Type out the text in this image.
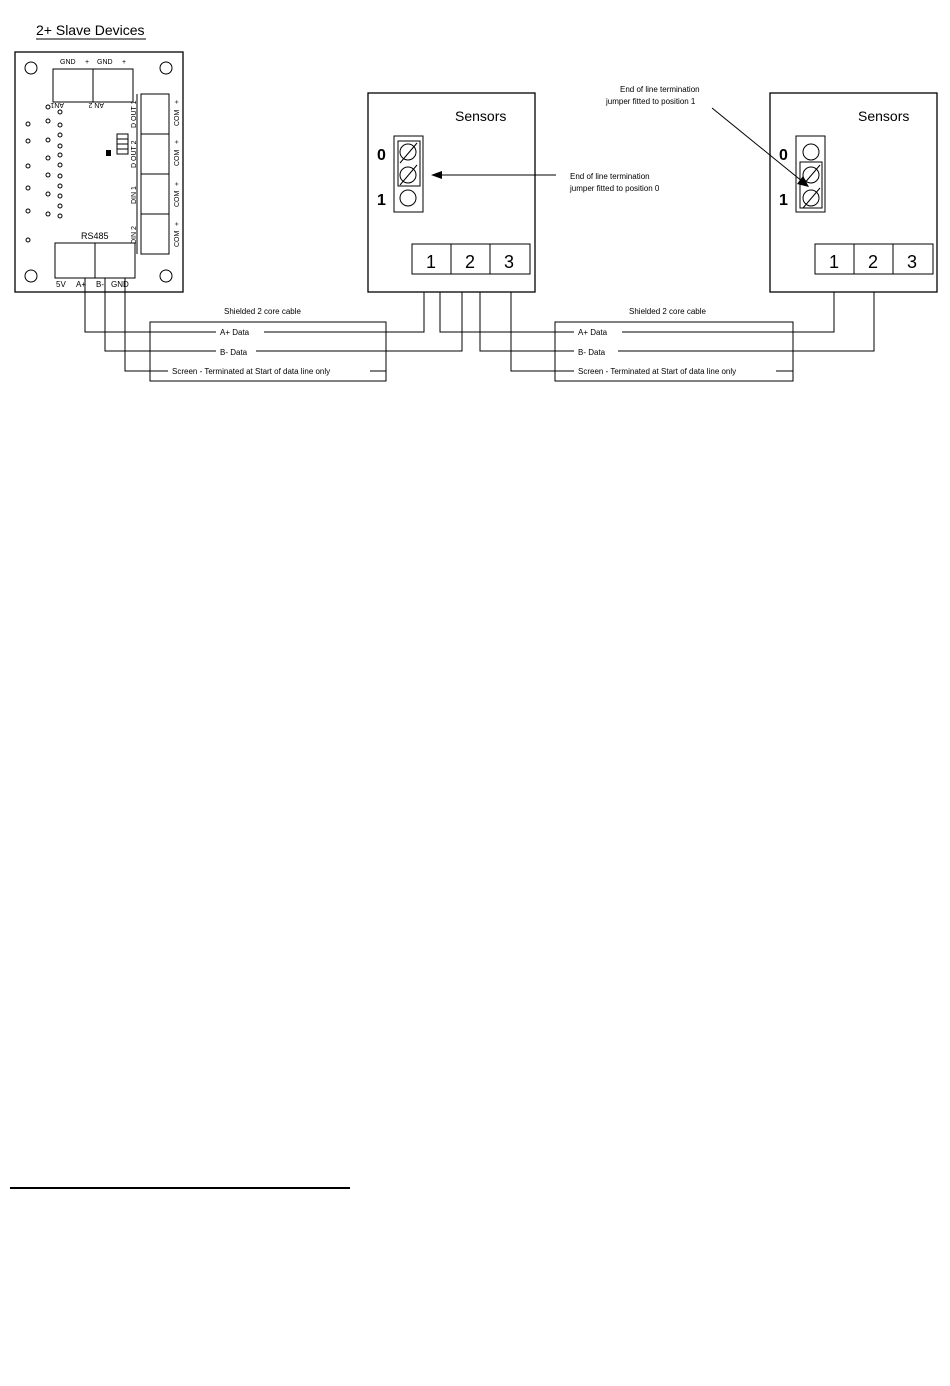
2+ Slave Devices
GND + GND +
AN1	AN 2	D OUT 1
D OUT 2
DIN 1
DIN 2
+
COM
+
COM
+
COM
+
COM
RS485
5V A+ B- GND
Sensors
0
1
1 2 3
End of line termination
jumper fitted to position 0
Sensors
0
1
1 2 3
End of line termination
jumper fitted to position 1
Shielded 2 core cable
A+ Data
B- Data
Screen - Terminated at Start of data line only
Shielded 2 core cable
A+ Data
B- Data
Screen - Terminated at Start of data line only
